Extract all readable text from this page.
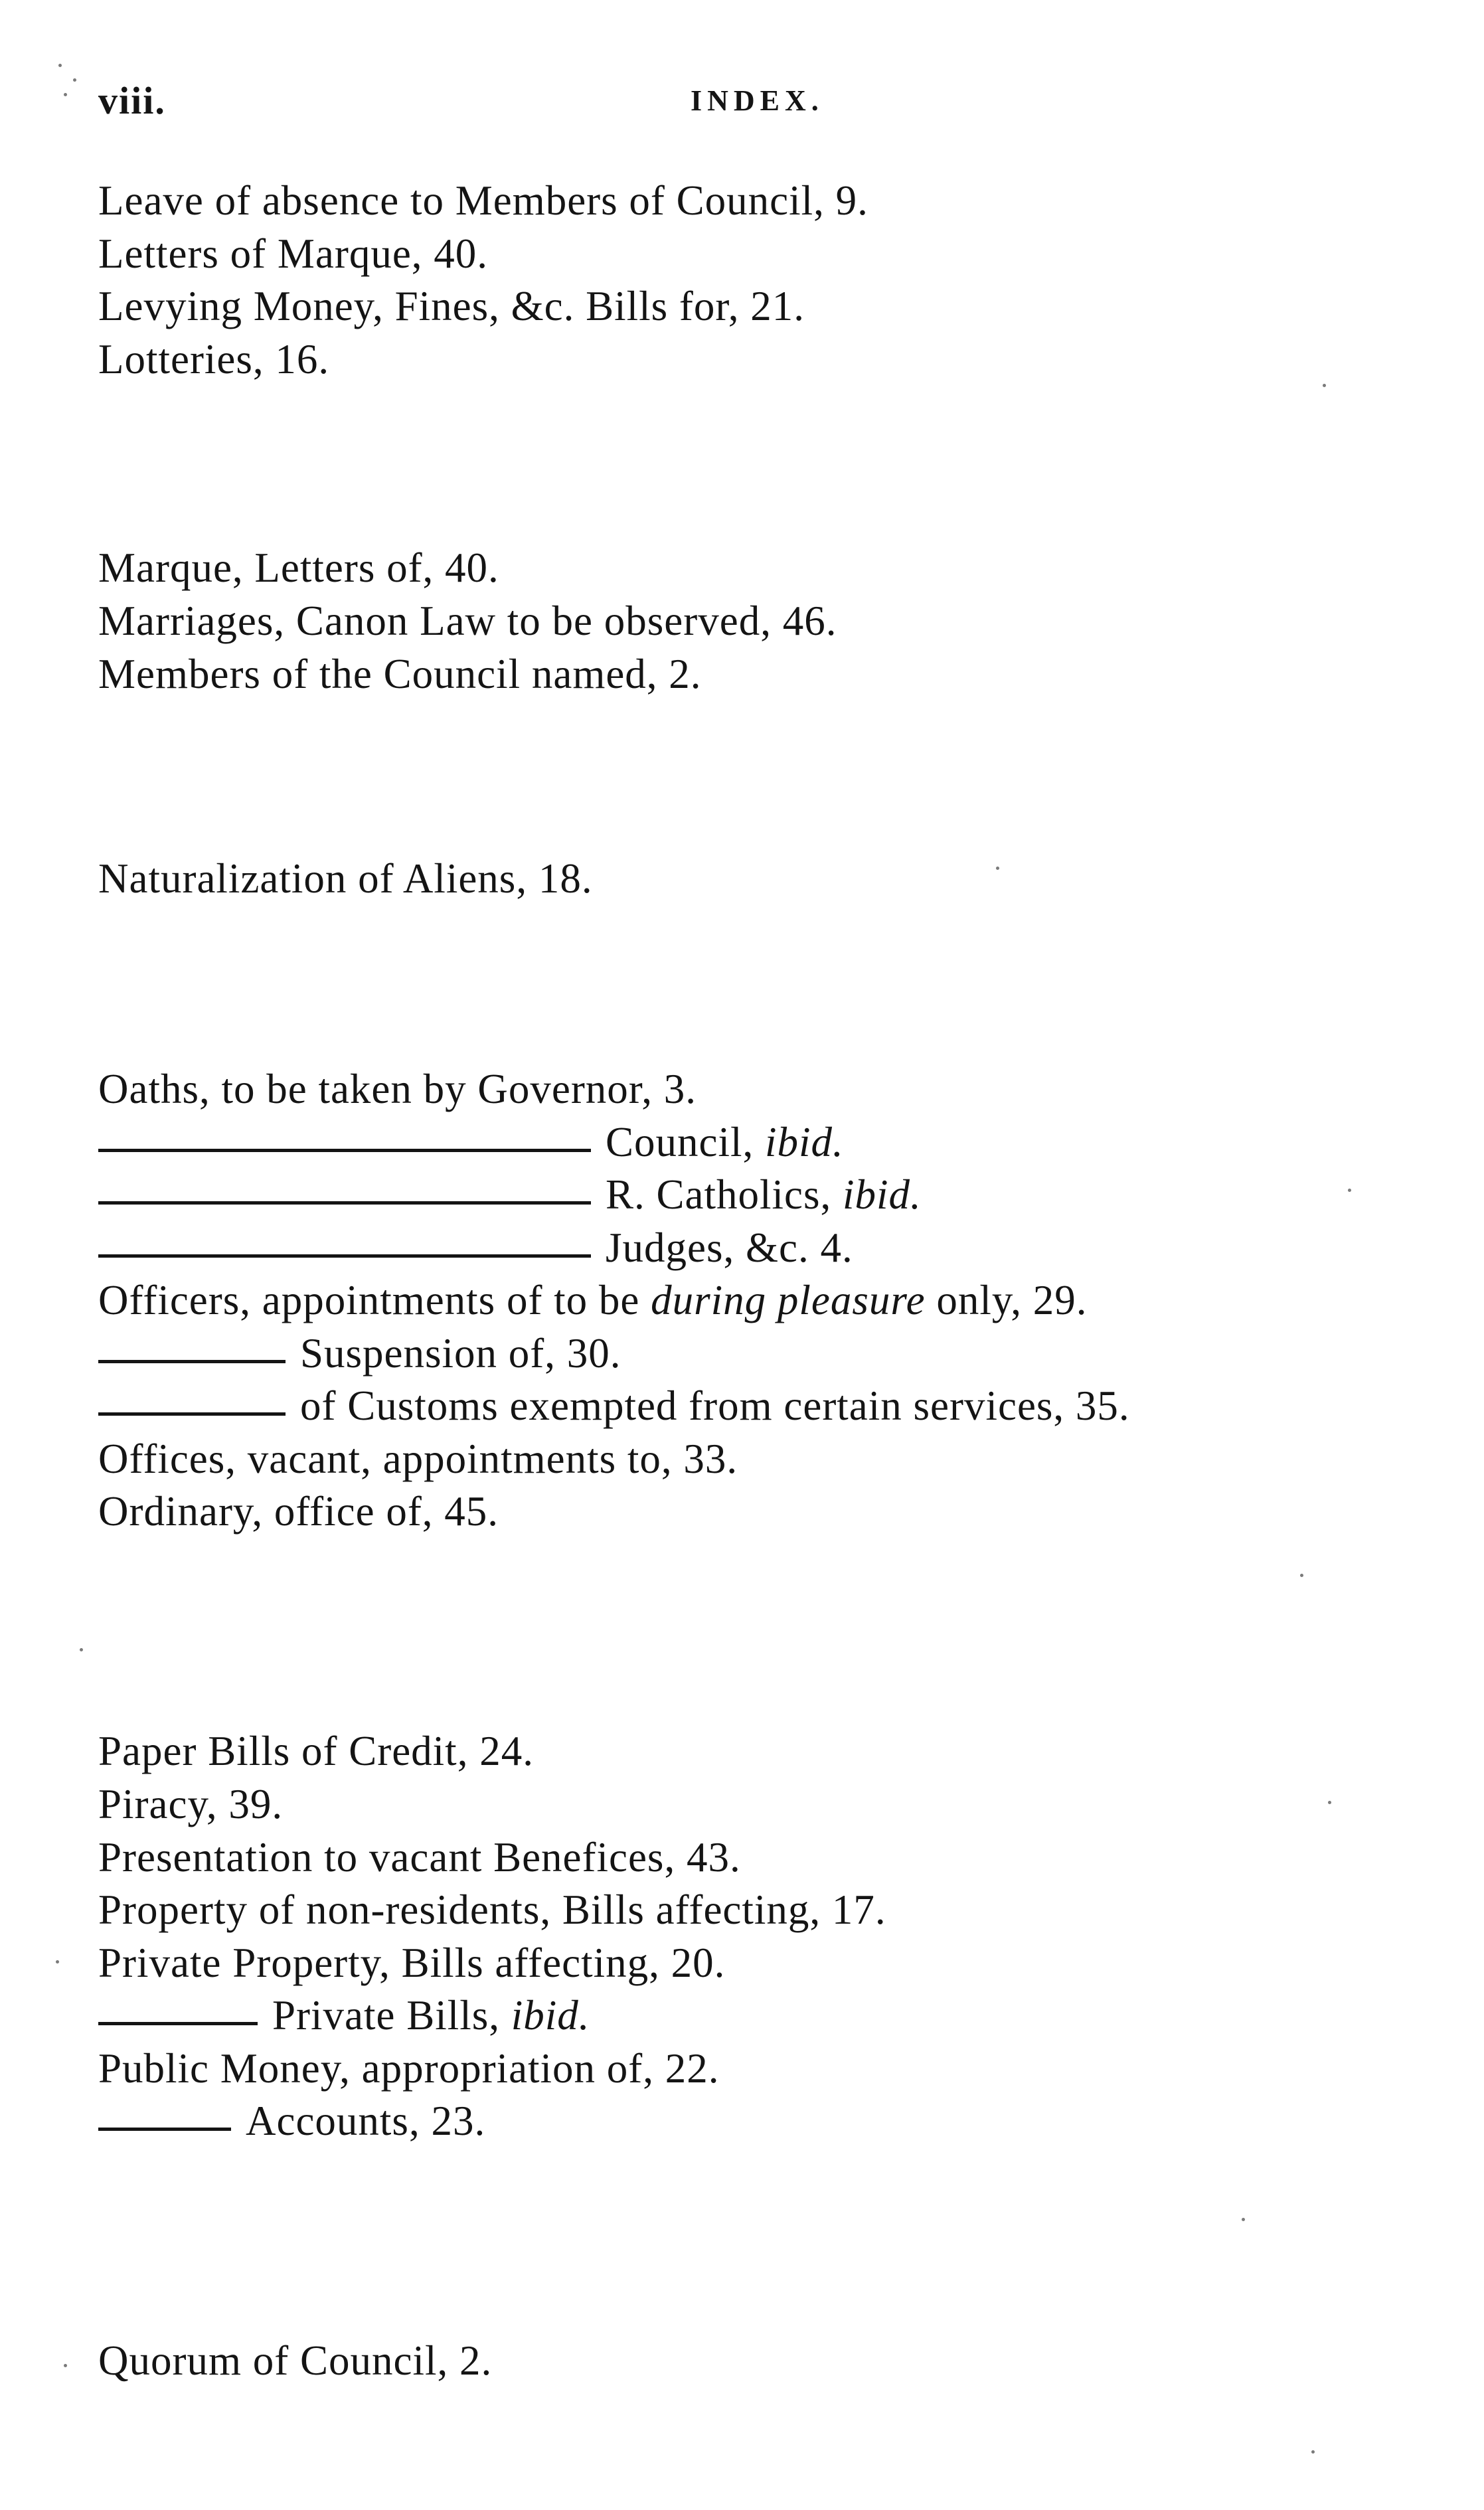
viii.	INDEX.
Leave of absence to Members of Council, 9.
Letters of Marque, 40.
Levying Money, Fines, &c. Bills for, 21.
Lotteries, 16.
Marque, Letters of, 40.
Marriages, Canon Law to be observed, 46.
Members of the Council named, 2.
Naturalization of Aliens, 18.
Oaths, to be taken by Governor, 3.
Council, ibid.
R. Catholics, ibid.
Judges, &c. 4.
Officers, appointments of to be during pleasure only, 29.
Suspension of, 30.
of Customs exempted from certain services, 35.
Offices, vacant, appointments to, 33.
Ordinary, office of, 45.
Paper Bills of Credit, 24.
Piracy, 39.
Presentation to vacant Benefices, 43.
Property of non-residents, Bills affecting, 17.
Private Property, Bills affecting, 20.
Private Bills, ibid.
Public Money, appropriation of, 22.
Accounts, 23.
Quorum of Council, 2.
